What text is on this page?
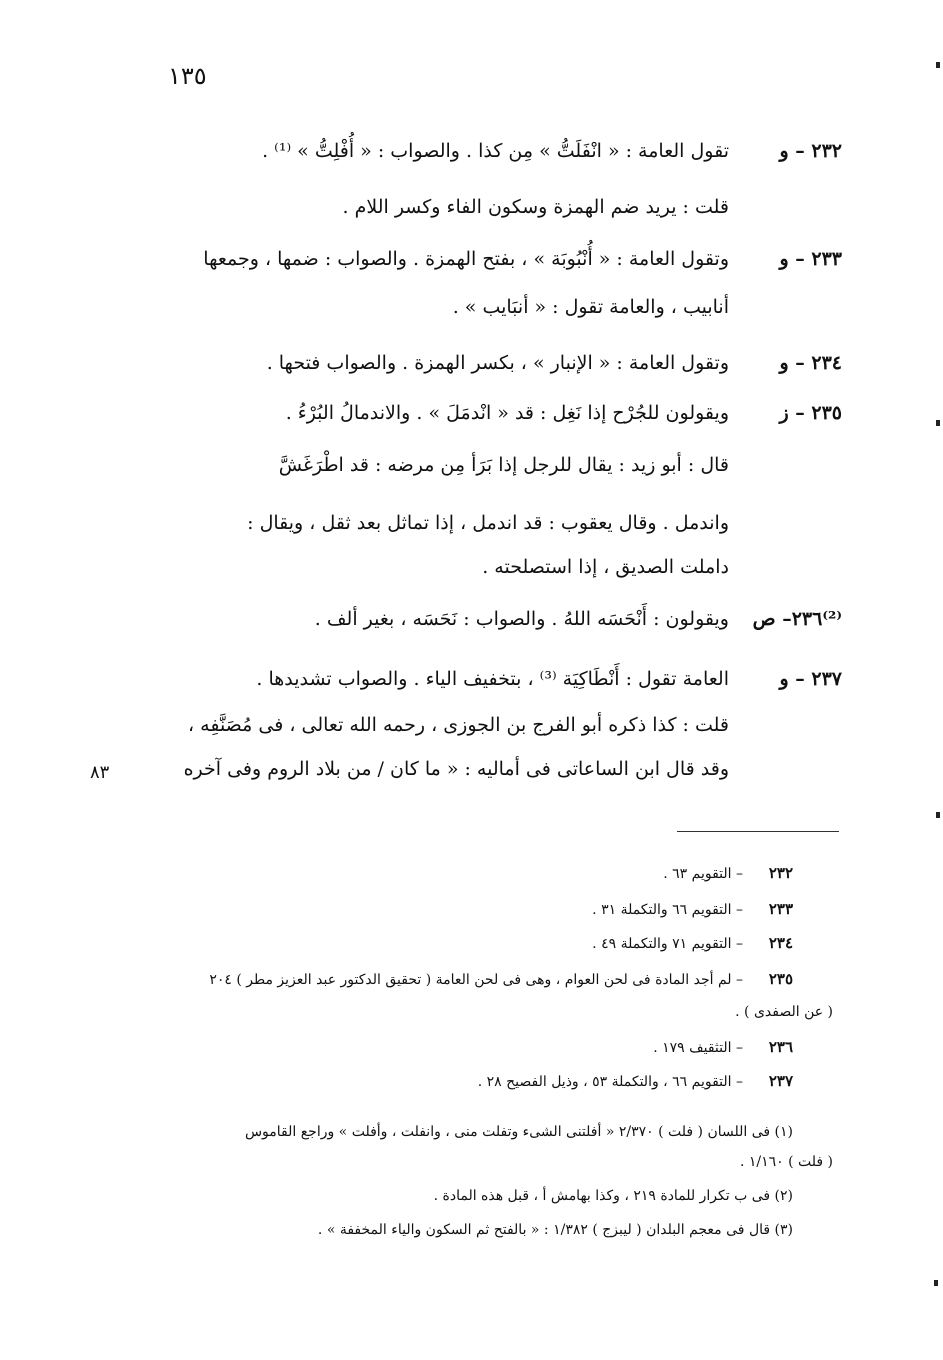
١٣٥
٢٣٢ – و
تقول العامة : « انْفَلَتُّ » مِن كذا . والصواب : « أُفْلِتُّ » ⁽¹⁾ .
قلت : يريد ضم الهمزة وسكون الفاء وكسر اللام .
٢٣٣ – و
وتقول العامة : « أُنْبُوبَة » ، بفتح الهمزة . والصواب : ضمها ، وجمعها
أنابيب ، والعامة تقول : « أنبَايب » .
٢٣٤ – و
وتقول العامة : « الإنبار » ، بكسر الهمزة . والصواب فتحها .
٢٣٥ – ز
ويقولون للجُرْح إذا نَغِل : قد « انْدمَلَ » . والاندمالُ البُرْءُ .
قال : أبو زيد : يقال للرجل إذا بَرَأ مِن مرضه : قد اطْرَغَشَّ
واندمل . وقال يعقوب : قد اندمل ، إذا تماثل بعد ثقل ، ويقال :
داملت الصديق ، إذا استصلحته .
⁽²⁾٢٣٦– ص
ويقولون : أَنْحَسَه اللهُ . والصواب : نَحَسَه ، بغير ألف .
٢٣٧ – و
العامة تقول : أَنْطَاكِيَة ⁽³⁾ ، بتخفيف الياء . والصواب تشديدها .
قلت : كذا ذكره أبو الفرج بن الجوزى ، رحمه الله تعالى ، فى مُصَنَّفِه ،
وقد قال ابن الساعاتى فى أماليه : « ما كان / من بلاد الروم وفى آخره
٨٣
٢٣٢
– التقويم ٦٣ .
٢٣٣
– التقويم ٦٦ والتكملة ٣١ .
٢٣٤
– التقويم ٧١ والتكملة ٤٩ .
٢٣٥
– لم أجد المادة فى لحن العوام ، وهى فى لحن العامة ( تحقيق الدكتور عبد العزيز مطر ) ٢٠٤
( عن الصفدى ) .
٢٣٦
– التثقيف ١٧٩ .
٢٣٧
– التقويم ٦٦ ، والتكملة ٥٣ ، وذيل الفصيح ٢٨ .
(١) فى اللسان ( فلت ) ٢/٣٧٠ « أفلتنى الشىء وتفلت منى ، وانفلت ، وأفلت » وراجع القاموس
( فلت ) ١/١٦٠ .
(٢) فى ب تكرار للمادة ٢١٩ ، وكذا بهامش أ ، قبل هذه المادة .
(٣) قال فى معجم البلدان ( ليبزج ) ١/٣٨٢ : « بالفتح ثم السكون والياء المخففة » .
